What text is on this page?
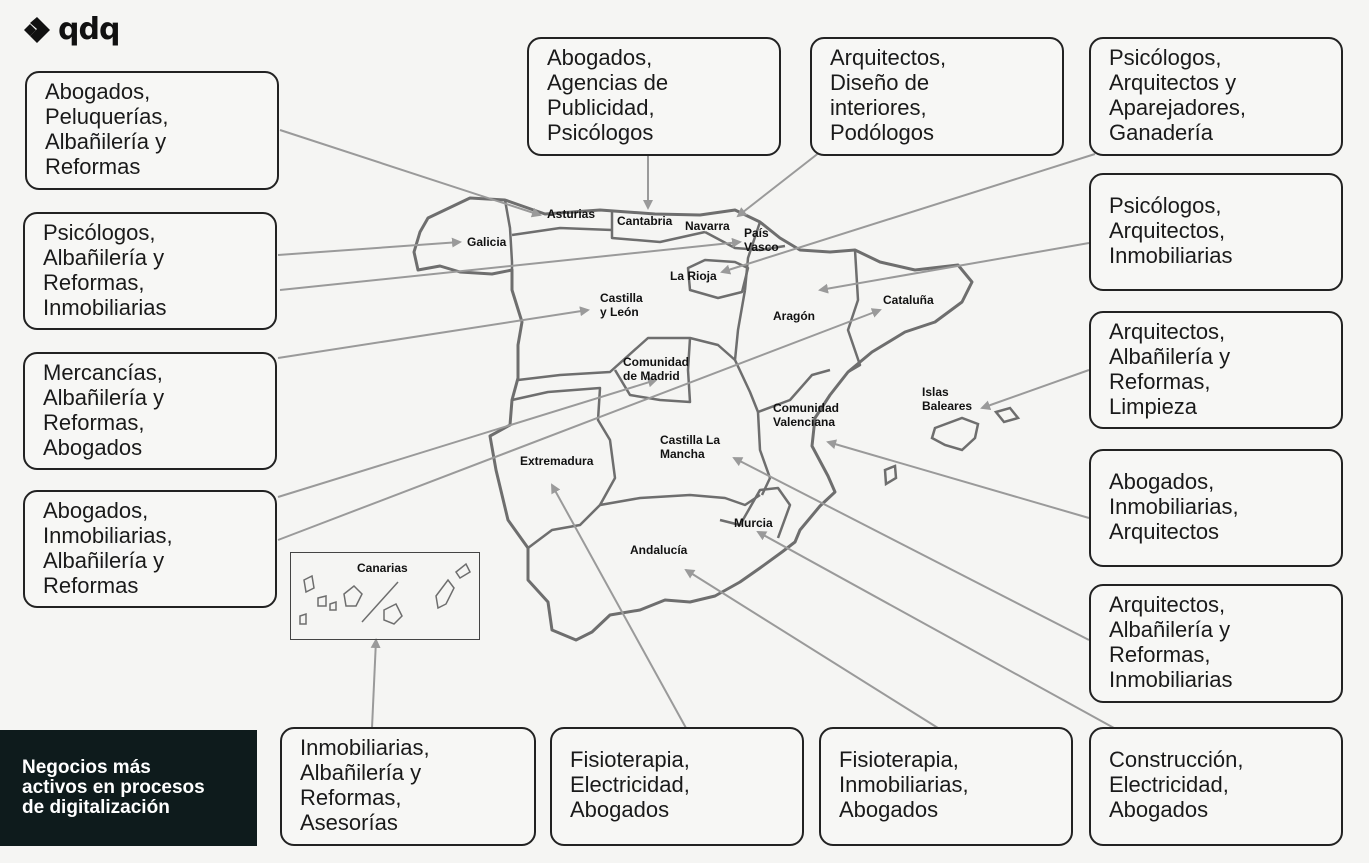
qdq
Asturias Cantabria Navarra País
Vasco
Galicia
La Rioja
Castilla
y León	Aragón
Cataluña
Comunidad
de Madrid
Islas
Baleares
Comunidad
Valenciana
Castilla La
Mancha
Extremadura
Murcia
Andalucía
Canarias
Abogados,
Peluquerías,
Albañilería y
Reformas
Psicólogos,
Albañilería y
Reformas,
Inmobiliarias
Mercancías,
Albañilería y
Reformas,
Abogados
Abogados,
Inmobiliarias,
Albañilería y
Reformas
Abogados,
Agencias de
Publicidad,
Psicólogos
Arquitectos,
Diseño de
interiores,
Podólogos
Psicólogos,
Arquitectos y
Aparejadores,
Ganadería
Psicólogos,
Arquitectos,
Inmobiliarias
Arquitectos,
Albañilería y
Reformas,
Limpieza
Abogados,
Inmobiliarias,
Arquitectos
Arquitectos,
Albañilería y
Reformas,
Inmobiliarias
Inmobiliarias,
Albañilería y
Reformas,
Asesorías
Fisioterapia,
Electricidad,
Abogados
Fisioterapia,
Inmobiliarias,
Abogados
Construcción,
Electricidad,
Abogados
Negocios más
activos en procesos
de digitalización
